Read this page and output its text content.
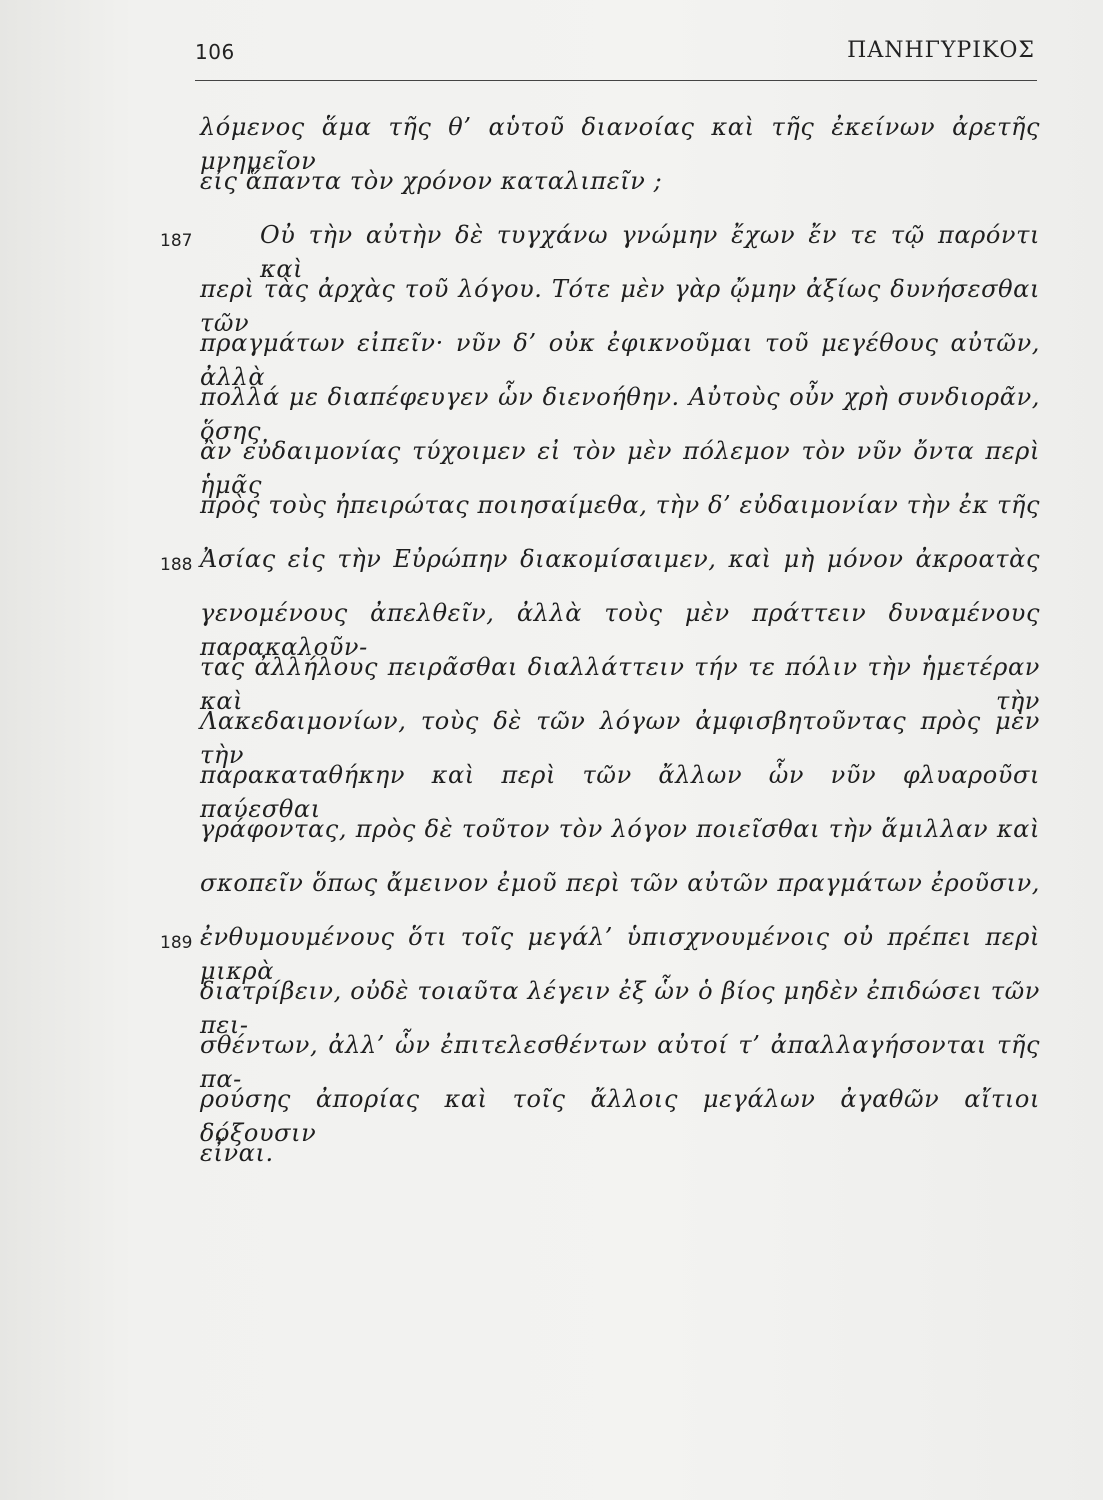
106	ΠΑΝΗΓΥΡΙΚΟΣ
λόμενος ἅμα τῆς θ’ αὑτοῦ διανοίας καὶ τῆς ἐκείνων ἀρετῆς μνημεῖον
εἰς ἅπαντα τὸν χρόνον καταλιπεῖν ;
187	Οὐ τὴν αὐτὴν δὲ τυγχάνω γνώμην ἔχων ἔν τε τῷ παρόντι καὶ
περὶ τὰς ἀρχὰς τοῦ λόγου. Τότε μὲν γὰρ ᾤμην ἀξίως δυνήσεσθαι τῶν
πραγμάτων εἰπεῖν· νῦν δ’ οὐκ ἐφικνοῦμαι τοῦ μεγέθους αὐτῶν, ἀλλὰ
πολλά με διαπέφευγεν ὧν διενοήθην. Αὐτοὺς οὖν χρὴ συνδιορᾶν, ὅσης
ἂν εὐδαιμονίας τύχοιμεν εἰ τὸν μὲν πόλεμον τὸν νῦν ὄντα περὶ ἡμᾶς
πρὸς τοὺς ἠπειρώτας ποιησαίμεθα, τὴν δ’ εὐδαιμονίαν τὴν ἐκ τῆς
188 Ἀσίας εἰς τὴν Εὐρώπην διακομίσαιμεν, καὶ μὴ μόνον ἀκροατὰς
γενομένους ἀπελθεῖν, ἀλλὰ τοὺς μὲν πράττειν δυναμένους παρακαλοῦν-
τας ἀλλήλους πειρᾶσθαι διαλλάττειν τήν τε πόλιν τὴν ἡμετέραν καὶ τὴν
Λακεδαιμονίων, τοὺς δὲ τῶν λόγων ἀμφισβητοῦντας πρὸς μὲν τὴν
παρακαταθήκην καὶ περὶ τῶν ἄλλων ὧν νῦν φλυαροῦσι παύεσθαι
γράφοντας, πρὸς δὲ τοῦτον τὸν λόγον ποιεῖσθαι τὴν ἅμιλλαν καὶ
σκοπεῖν ὅπως ἄμεινον ἐμοῦ περὶ τῶν αὐτῶν πραγμάτων ἐροῦσιν,
189 ἐνθυμουμένους ὅτι τοῖς μεγάλ’ ὑπισχνουμένοις οὐ πρέπει περὶ μικρὰ
διατρίβειν, οὐδὲ τοιαῦτα λέγειν ἐξ ὧν ὁ βίος μηδὲν ἐπιδώσει τῶν πει-
σθέντων, ἀλλ’ ὧν ἐπιτελεσθέντων αὐτοί τ’ ἀπαλλαγήσονται τῆς πα-
ρούσης ἀπορίας καὶ τοῖς ἄλλοις μεγάλων ἀγαθῶν αἴτιοι δόξουσιν
εἶναι.
